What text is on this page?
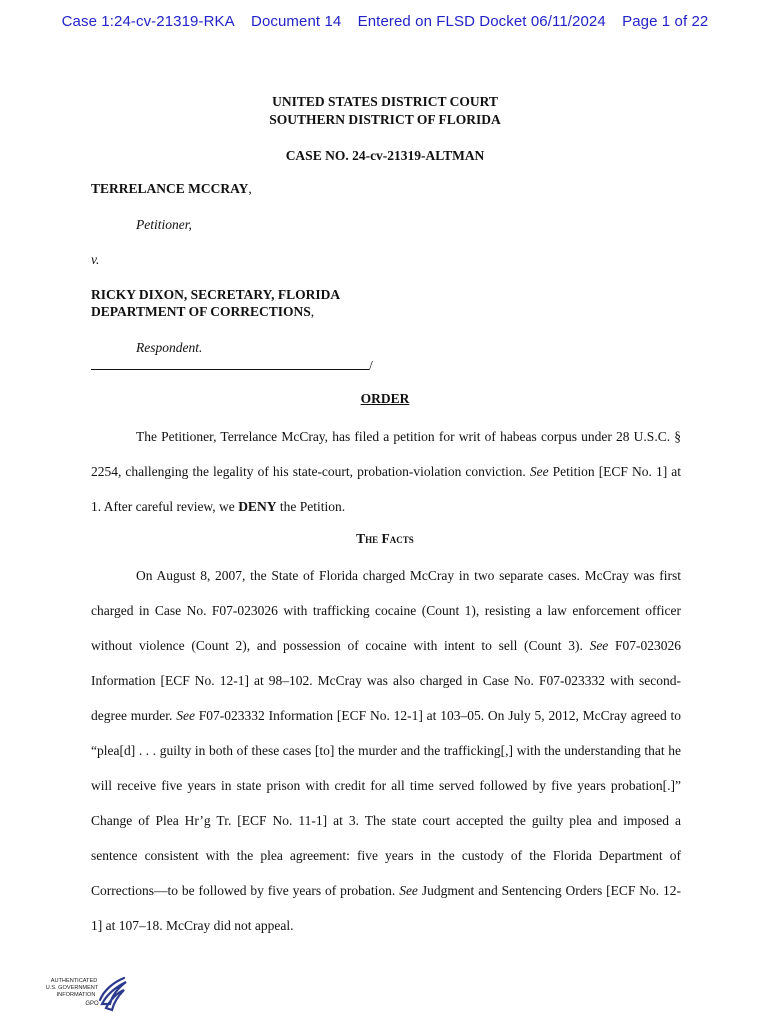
Case 1:24-cv-21319-RKA Document 14 Entered on FLSD Docket 06/11/2024 Page 1 of 22
UNITED STATES DISTRICT COURT
SOUTHERN DISTRICT OF FLORIDA
CASE NO. 24-cv-21319-ALTMAN
TERRELANCE MCCRAY,
Petitioner,
v.
RICKY DIXON, SECRETARY, FLORIDA
DEPARTMENT OF CORRECTIONS,
Respondent.
/
ORDER

The Petitioner, Terrelance McCray, has filed a petition for writ of habeas corpus under 28 U.S.C. § 2254, challenging the legality of his state-court, probation-violation conviction. See Petition [ECF No. 1] at 1. After careful review, we DENY the Petition.

The Facts

On August 8, 2007, the State of Florida charged McCray in two separate cases. McCray was first charged in Case No. F07-023026 with trafficking cocaine (Count 1), resisting a law enforcement officer without violence (Count 2), and possession of cocaine with intent to sell (Count 3). See F07-023026 Information [ECF No. 12-1] at 98–102. McCray was also charged in Case No. F07-023332 with second-degree murder. See F07-023332 Information [ECF No. 12-1] at 103–05. On July 5, 2012, McCray agreed to “plea[d] . . . guilty in both of these cases [to] the murder and the trafficking[,] with the understanding that he will receive five years in state prison with credit for all time served followed by five years probation[.]” Change of Plea Hr’g Tr. [ECF No. 11-1] at 3. The state court accepted the guilty plea and imposed a sentence consistent with the plea agreement: five years in the custody of the Florida Department of Corrections—to be followed by five years of probation. See Judgment and Sentencing Orders [ECF No. 12-1] at 107–18. McCray did not appeal.

AUTHENTICATED
U.S. GOVERNMENT
INFORMATION
GPO
